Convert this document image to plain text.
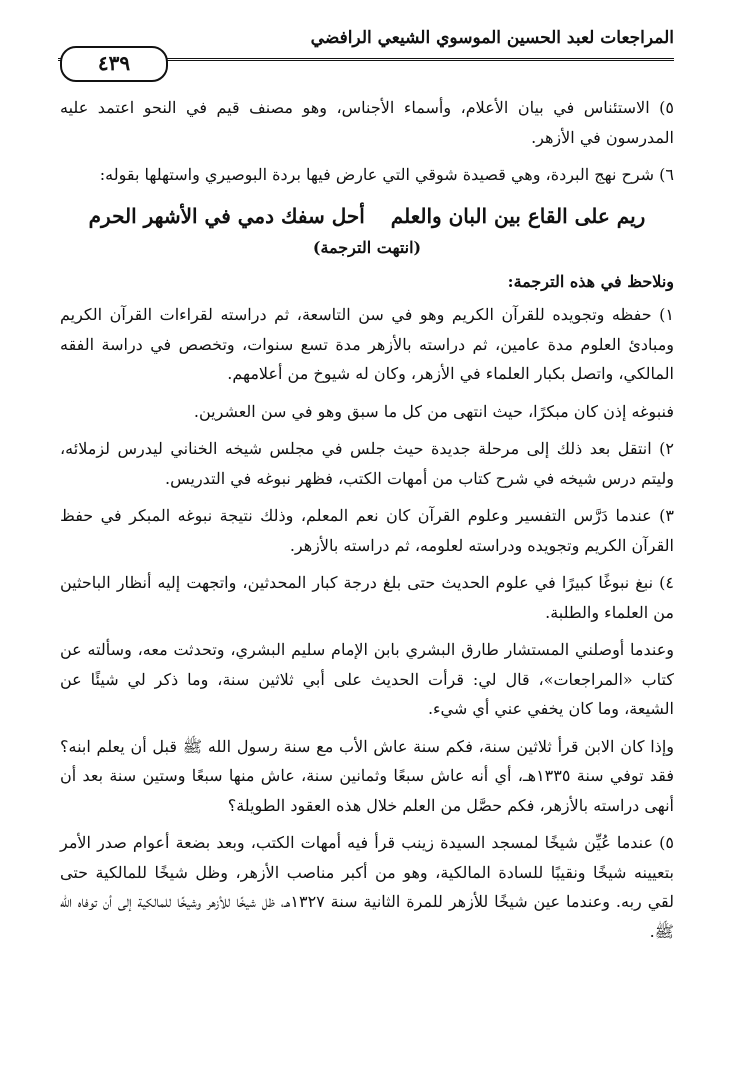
المراجعات لعبد الحسين الموسوي الشيعي الرافضي
٤٣٩

٥) الاستئناس في بيان الأعلام، وأسماء الأجناس، وهو مصنف قيم في النحو اعتمد عليه المدرسون في الأزهر.

٦) شرح نهج البردة، وهي قصيدة شوقي التي عارض فيها بردة البوصيري واستهلها بقوله:

ريم على القاع بين البان والعلم
أحل سفك دمي في الأشهر الحرم
(انتهت الترجمة)
ونلاحظ في هذه الترجمة:

١) حفظه وتجويده للقرآن الكريم وهو في سن التاسعة، ثم دراسته لقراءات القرآن الكريم ومبادئ العلوم مدة عامين، ثم دراسته بالأزهر مدة تسع سنوات، وتخصص في دراسة الفقه المالكي، واتصل بكبار العلماء في الأزهر، وكان له شيوخ من أعلامهم.

فنبوغه إذن كان مبكرًا، حيث انتهى من كل ما سبق وهو في سن العشرين.

٢) انتقل بعد ذلك إلى مرحلة جديدة حيث جلس في مجلس شيخه الخناني ليدرس لزملائه، وليتم درس شيخه في شرح كتاب من أمهات الكتب، فظهر نبوغه في التدريس.

٣) عندما دَرَّس التفسير وعلوم القرآن كان نعم المعلم، وذلك نتيجة نبوغه المبكر في حفظ القرآن الكريم وتجويده ودراسته لعلومه، ثم دراسته بالأزهر.

٤) نبغ نبوغًا كبيرًا في علوم الحديث حتى بلغ درجة كبار المحدثين، واتجهت إليه أنظار الباحثين من العلماء والطلبة.

وعندما أوصلني المستشار طارق البشري بابن الإمام سليم البشري، وتحدثت معه، وسألته عن كتاب «المراجعات»، قال لي: قرأت الحديث على أبي ثلاثين سنة، وما ذكر لي شيئًا عن الشيعة، وما كان يخفي عني أي شيء.

وإذا كان الابن قرأ ثلاثين سنة، فكم سنة عاش الأب مع سنة رسول الله ﷺ قبل أن يعلم ابنه؟ فقد توفي سنة ١٣٣٥هـ، أي أنه عاش سبعًا وثمانين سنة، عاش منها سبعًا وستين سنة بعد أن أنهى دراسته بالأزهر، فكم حصَّل من العلم خلال هذه العقود الطويلة؟

٥) عندما عُيِّن شيخًا لمسجد السيدة زينب قرأ فيه أمهات الكتب، وبعد بضعة أعوام صدر الأمر بتعيينه شيخًا ونقيبًا للسادة المالكية، وهو من أكبر مناصب الأزهر، وظل شيخًا للمالكية حتى لقي ربه. وعندما عين شيخًا للأزهر للمرة الثانية سنة ١٣٢٧هـ، ظل شيخًا للأزهر وشيخًا للمالكية إلى أن توفاه الله ﷺ.
